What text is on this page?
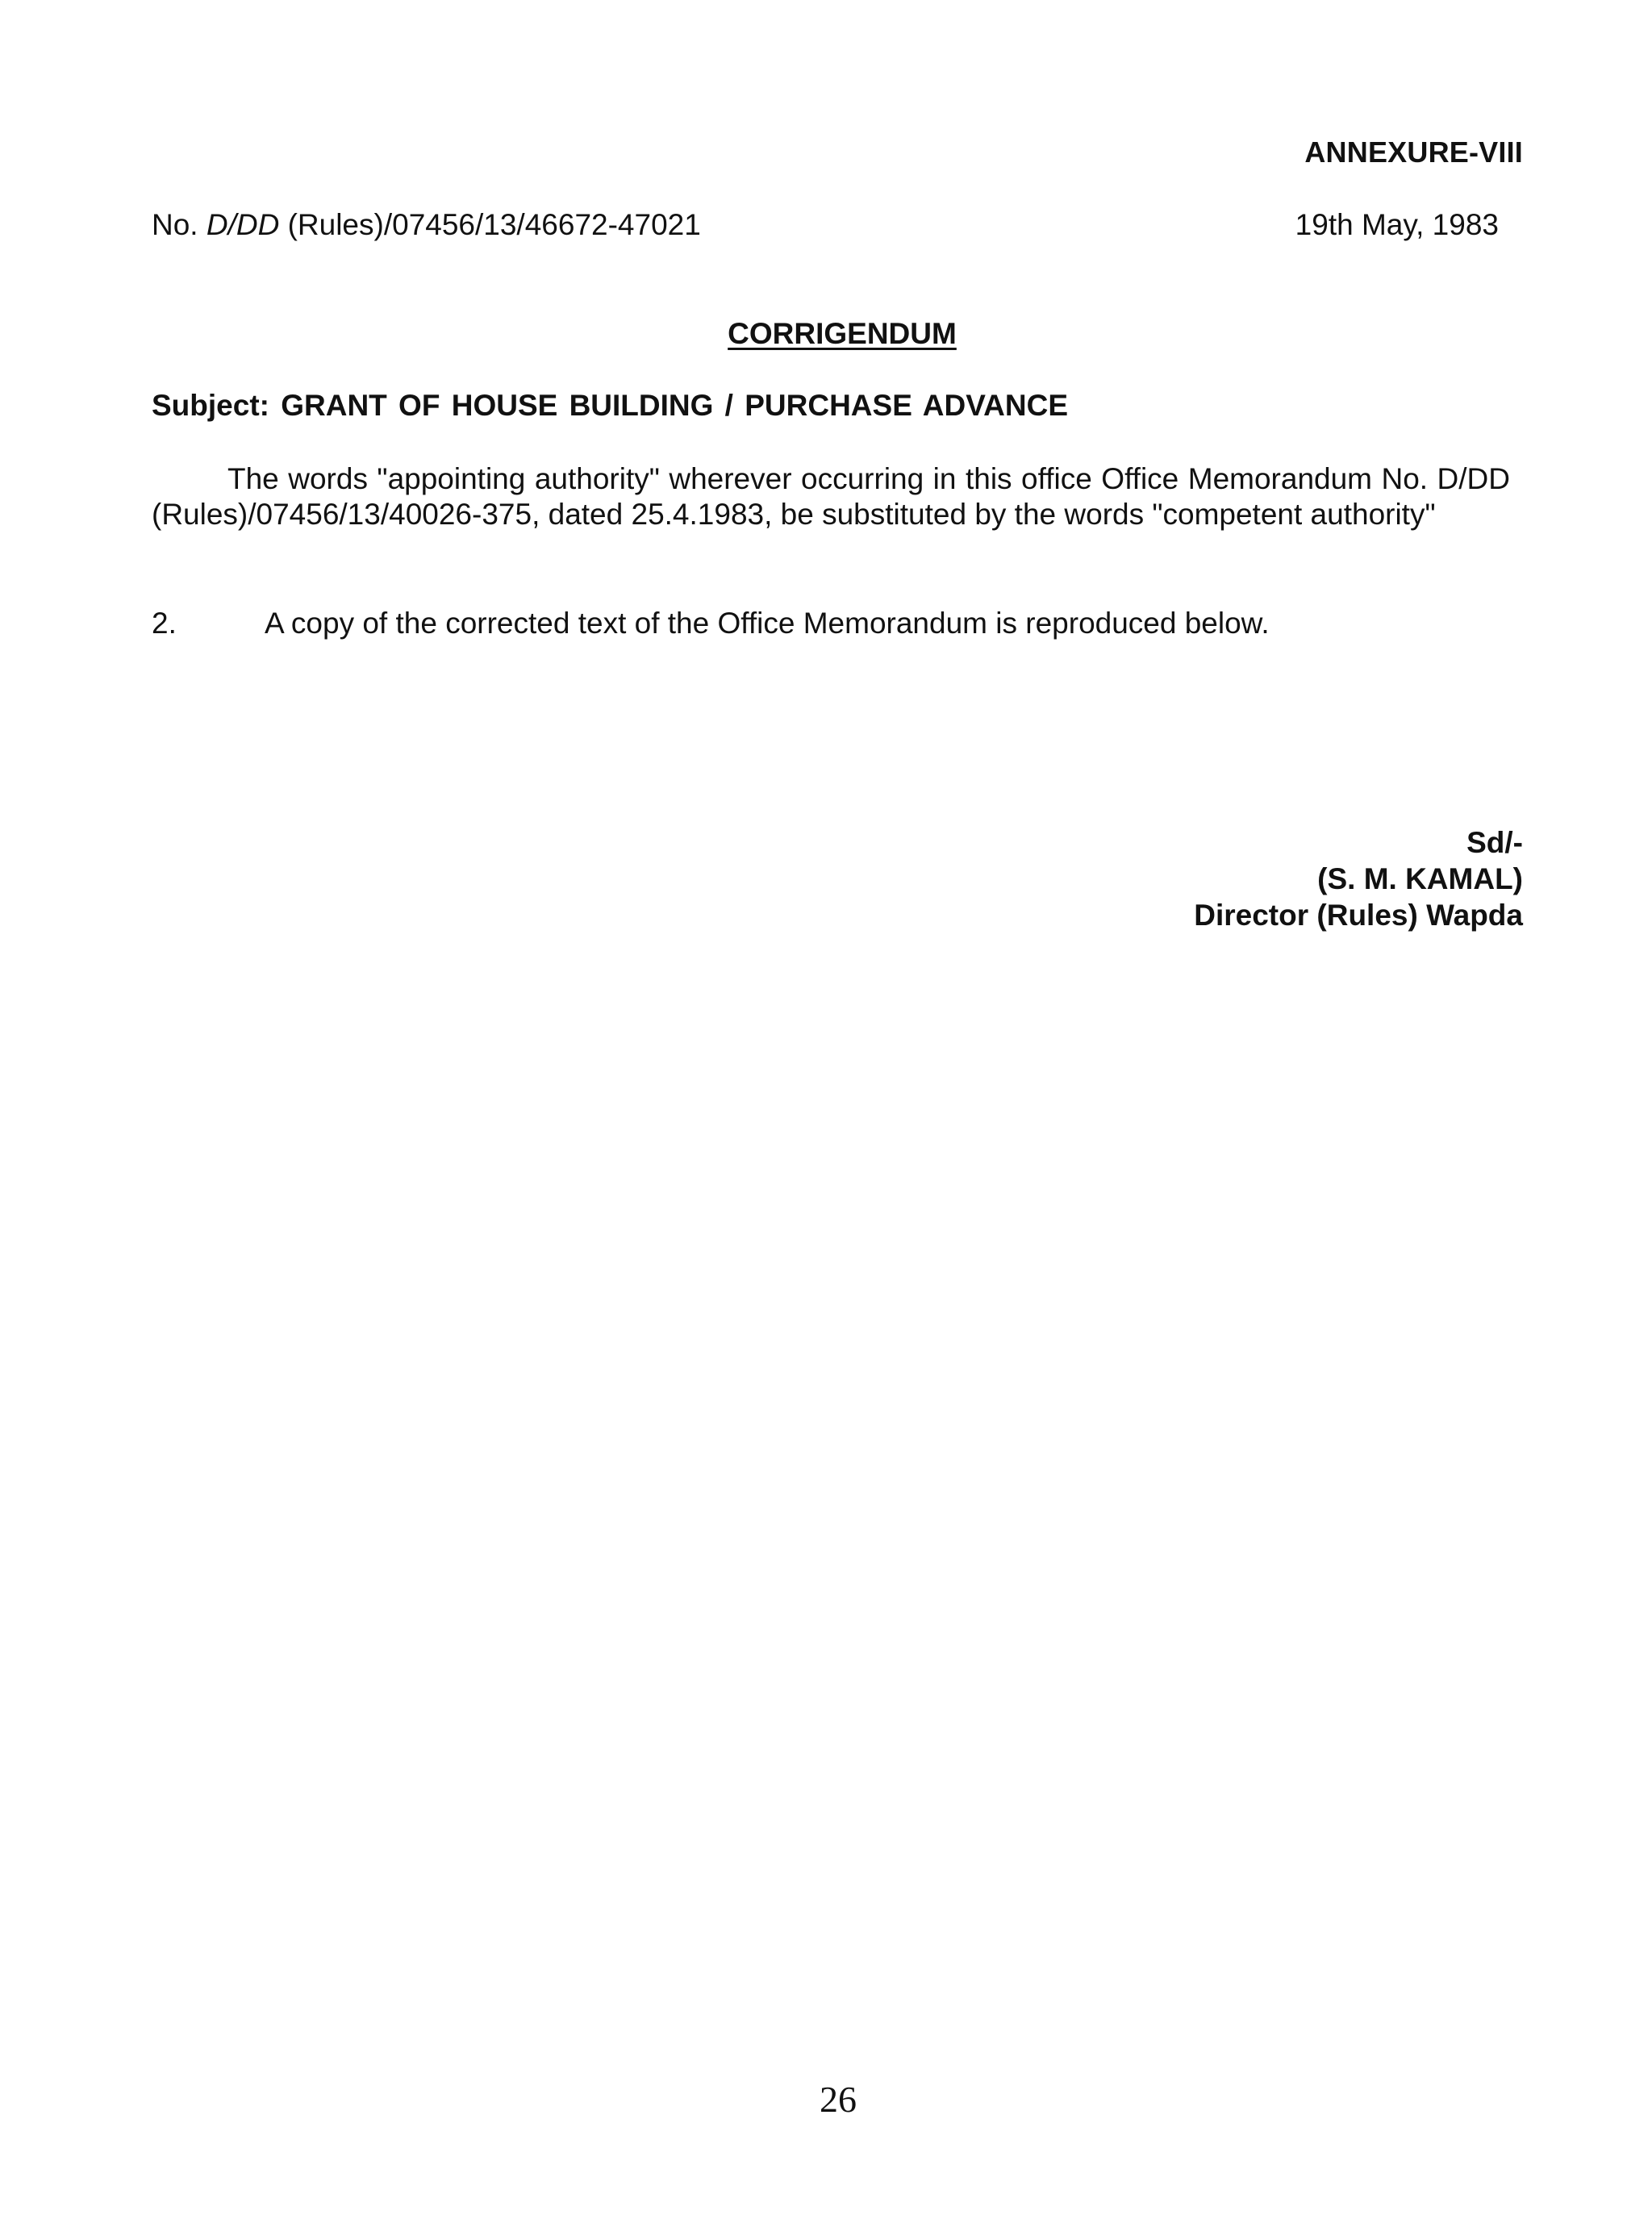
ANNEXURE-VIII
No. D/DD (Rules)/07456/13/46672-47021	19th May, 1983
CORRIGENDUM
Subject: GRANT OF HOUSE BUILDING / PURCHASE ADVANCE
The words "appointing authority" wherever occurring in this office Office Memorandum No. D/DD (Rules)/07456/13/40026-375, dated 25.4.1983, be substituted by the words "competent authority"
2.	A copy of the corrected text of the Office Memorandum is reproduced below.
Sd/-
(S. M. KAMAL)
Director (Rules) Wapda
26
